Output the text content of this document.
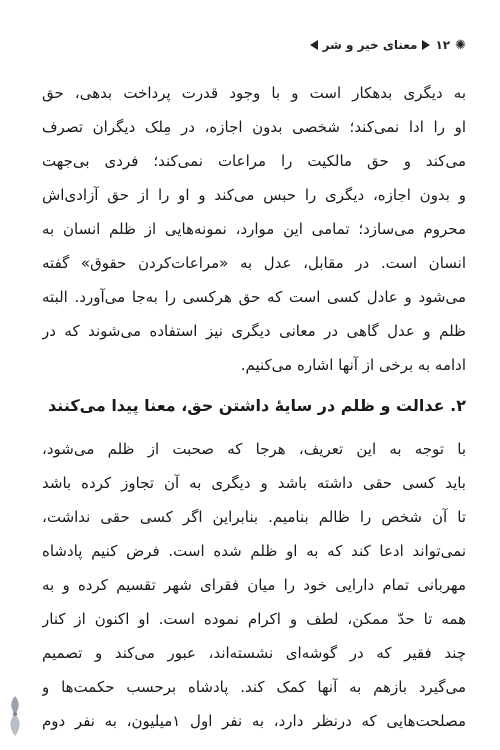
✺
۱۲
معنای خیر و شر
به دیگری بدهکار است و با وجود قدرت پرداخت بدهی، حق
او را ادا نمی‌کند؛ شخصی بدون اجازه، در مِلک دیگران تصرف
می‌کند و حق مالکیت را مراعات نمی‌کند؛ فردی بی‌جهت
و بدون اجازه، دیگری را حبس می‌کند و او را از حق آزادی‌اش
محروم می‌سازد؛ تمامی این موارد، نمونه‌هایی از ظلم انسان به
انسان است. در مقابل، عدل به «مراعات‌کردن حقوق» گفته
می‌شود و عادل کسی است که حق هرکسی را به‌جا می‌آورد. البته
ظلم و عدل گاهی در معانی دیگری نیز استفاده می‌شوند که در
ادامه به برخی از آنها اشاره می‌کنیم.
۲. عدالت و ظلم در سایهٔ داشتن حق، معنا پیدا می‌کنند
با توجه به این تعریف، هرجا که صحبت از ظلم می‌شود،
باید کسی حقی داشته باشد و دیگری به آن تجاوز کرده باشد
تا آن شخص را ظالم بنامیم. بنابراین اگر کسی حقی نداشت،
نمی‌تواند ادعا کند که به او ظلم شده است. فرض کنیم پادشاه
مهربانی تمام دارایی خود را میان فقرای شهر تقسیم کرده و به
همه تا حدّ ممکن، لطف و اکرام نموده است. او اکنون از کنار
چند فقیر که در گوشه‌ای نشسته‌اند، عبور می‌کند و تصمیم
می‌گیرد بازهم به آنها کمک کند. پادشاه برحسب حکمت‌ها و
مصلحت‌هایی که درنظر دارد، به نفر اول ۱میلیون، به نفر دوم
